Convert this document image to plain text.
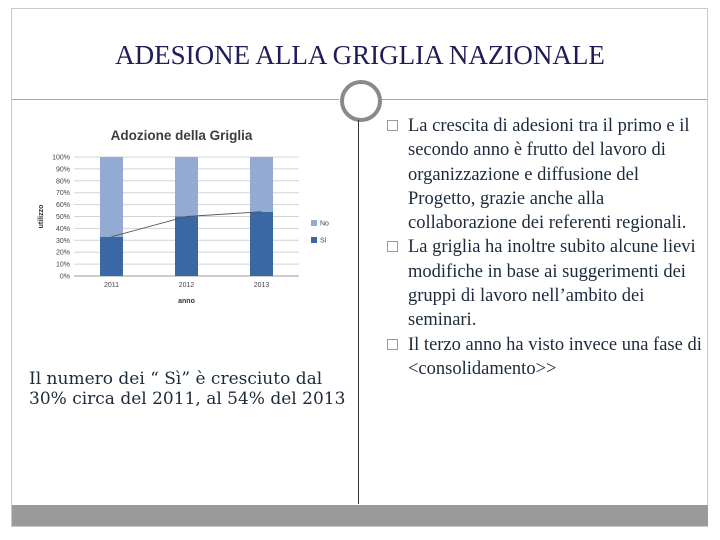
ADESIONE ALLA GRIGLIA NAZIONALE
Adozione della Griglia
0%
10%
20%
30%
40%
50%
60%
70%
80%
90%
100%
utilizzo
2011	2012	2013
anno
No
Sì
Il numero dei “ Sì” è cresciuto dal 30% circa del 2011, al 54% del 2013

La crescita di adesioni tra il primo e il secondo anno è frutto del lavoro di organizzazione e diffusione del Progetto, grazie anche alla collaborazione dei referenti regionali.

La griglia ha inoltre subito alcune lievi modifiche in base ai suggerimenti dei gruppi di lavoro nell’ambito dei seminari.

Il terzo anno ha visto invece una fase di <consolidamento>>
